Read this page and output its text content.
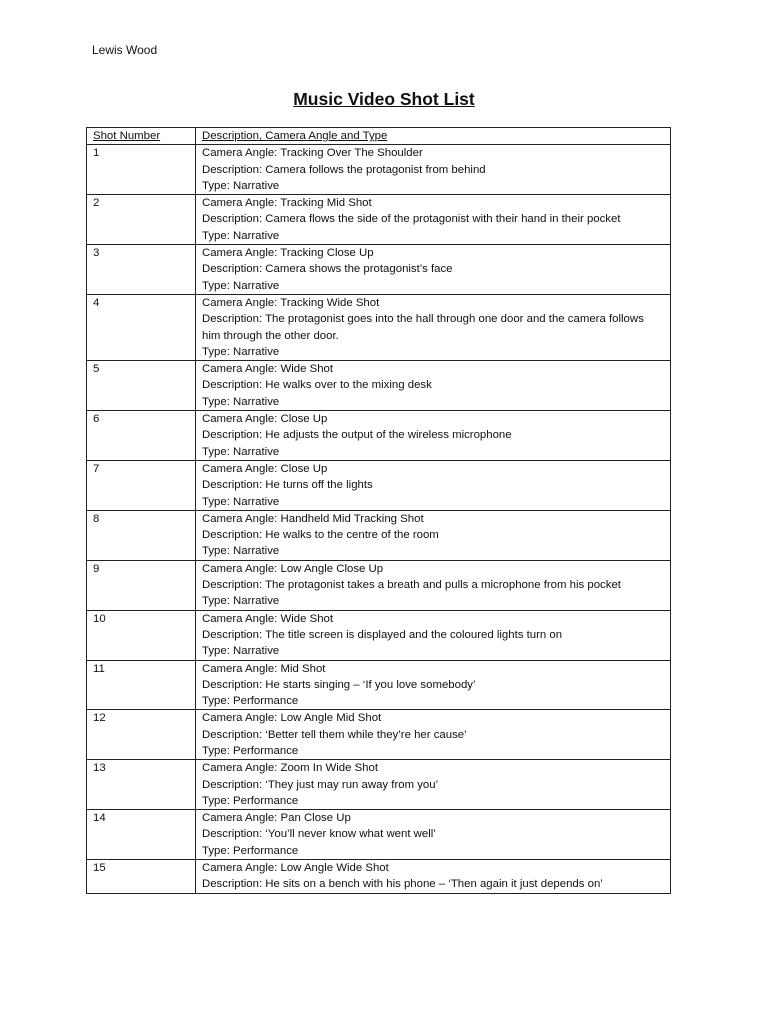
Lewis Wood
Music Video Shot List
Shot Number	Description, Camera Angle and Type
1	Camera Angle: Tracking Over The Shoulder
Description: Camera follows the protagonist from behind
Type: Narrative

2	Camera Angle: Tracking Mid Shot
Description: Camera flows the side of the protagonist with their hand in their pocket
Type: Narrative

3	Camera Angle: Tracking Close Up
Description: Camera shows the protagonist’s face
Type: Narrative

4	Camera Angle: Tracking Wide Shot
Description: The protagonist goes into the hall through one door and the camera follows him through the other door.
Type: Narrative

5	Camera Angle: Wide Shot
Description: He walks over to the mixing desk
Type: Narrative

6	Camera Angle: Close Up
Description: He adjusts the output of the wireless microphone
Type: Narrative

7	Camera Angle: Close Up
Description: He turns off the lights
Type: Narrative

8	Camera Angle: Handheld Mid Tracking Shot
Description: He walks to the centre of the room
Type: Narrative

9	Camera Angle: Low Angle Close Up
Description: The protagonist takes a breath and pulls a microphone from his pocket
Type: Narrative

10	Camera Angle: Wide Shot
Description: The title screen is displayed and the coloured lights turn on
Type: Narrative

11	Camera Angle: Mid Shot
Description: He starts singing – ‘If you love somebody’
Type: Performance

12	Camera Angle: Low Angle Mid Shot
Description: ‘Better tell them while they’re her cause’
Type: Performance

13	Camera Angle: Zoom In Wide Shot
Description: ‘They just may run away from you’
Type: Performance

14	Camera Angle: Pan Close Up
Description: ‘You’ll never know what went well’
Type: Performance

15	Camera Angle: Low Angle Wide Shot
Description: He sits on a bench with his phone – ‘Then again it just depends on’
